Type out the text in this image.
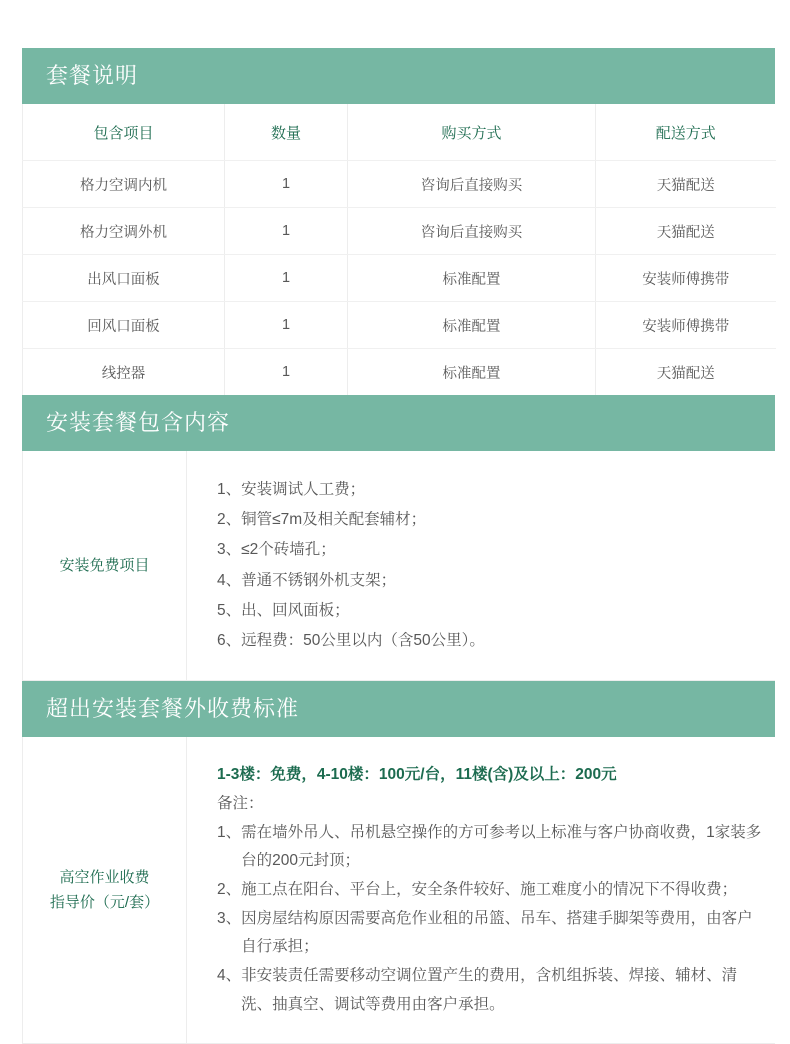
套餐说明
包含项目	数量	购买方式	配送方式
格力空调内机	1	咨询后直接购买	天猫配送
格力空调外机	1	咨询后直接购买	天猫配送
出风口面板	1	标准配置	安装师傅携带
回风口面板	1	标准配置	安装师傅携带
线控器	1	标准配置	天猫配送
安装套餐包含内容
安装免费项目
1、安装调试人工费；
2、铜管≤7m及相关配套辅材；
3、≤2个砖墙孔；
4、普通不锈钢外机支架；
5、出、回风面板；
6、远程费：50公里以内（含50公里）。
超出安装套餐外收费标准
高空作业收费
指导价（元/套）
1-3楼：免费，4-10楼：100元/台，11楼(含)及以上：200元
备注：
1、 需在墙外吊人、吊机悬空操作的方可参考以上标准与客户协商收费，1家装多台的200元封顶；
2、 施工点在阳台、平台上，安全条件较好、施工难度小的情况下不得收费；
3、 因房屋结构原因需要高危作业租的吊篮、吊车、搭建手脚架等费用，由客户自行承担；
4、 非安装责任需要移动空调位置产生的费用，含机组拆装、焊接、辅材、清洗、抽真空、调试等费用由客户承担。
